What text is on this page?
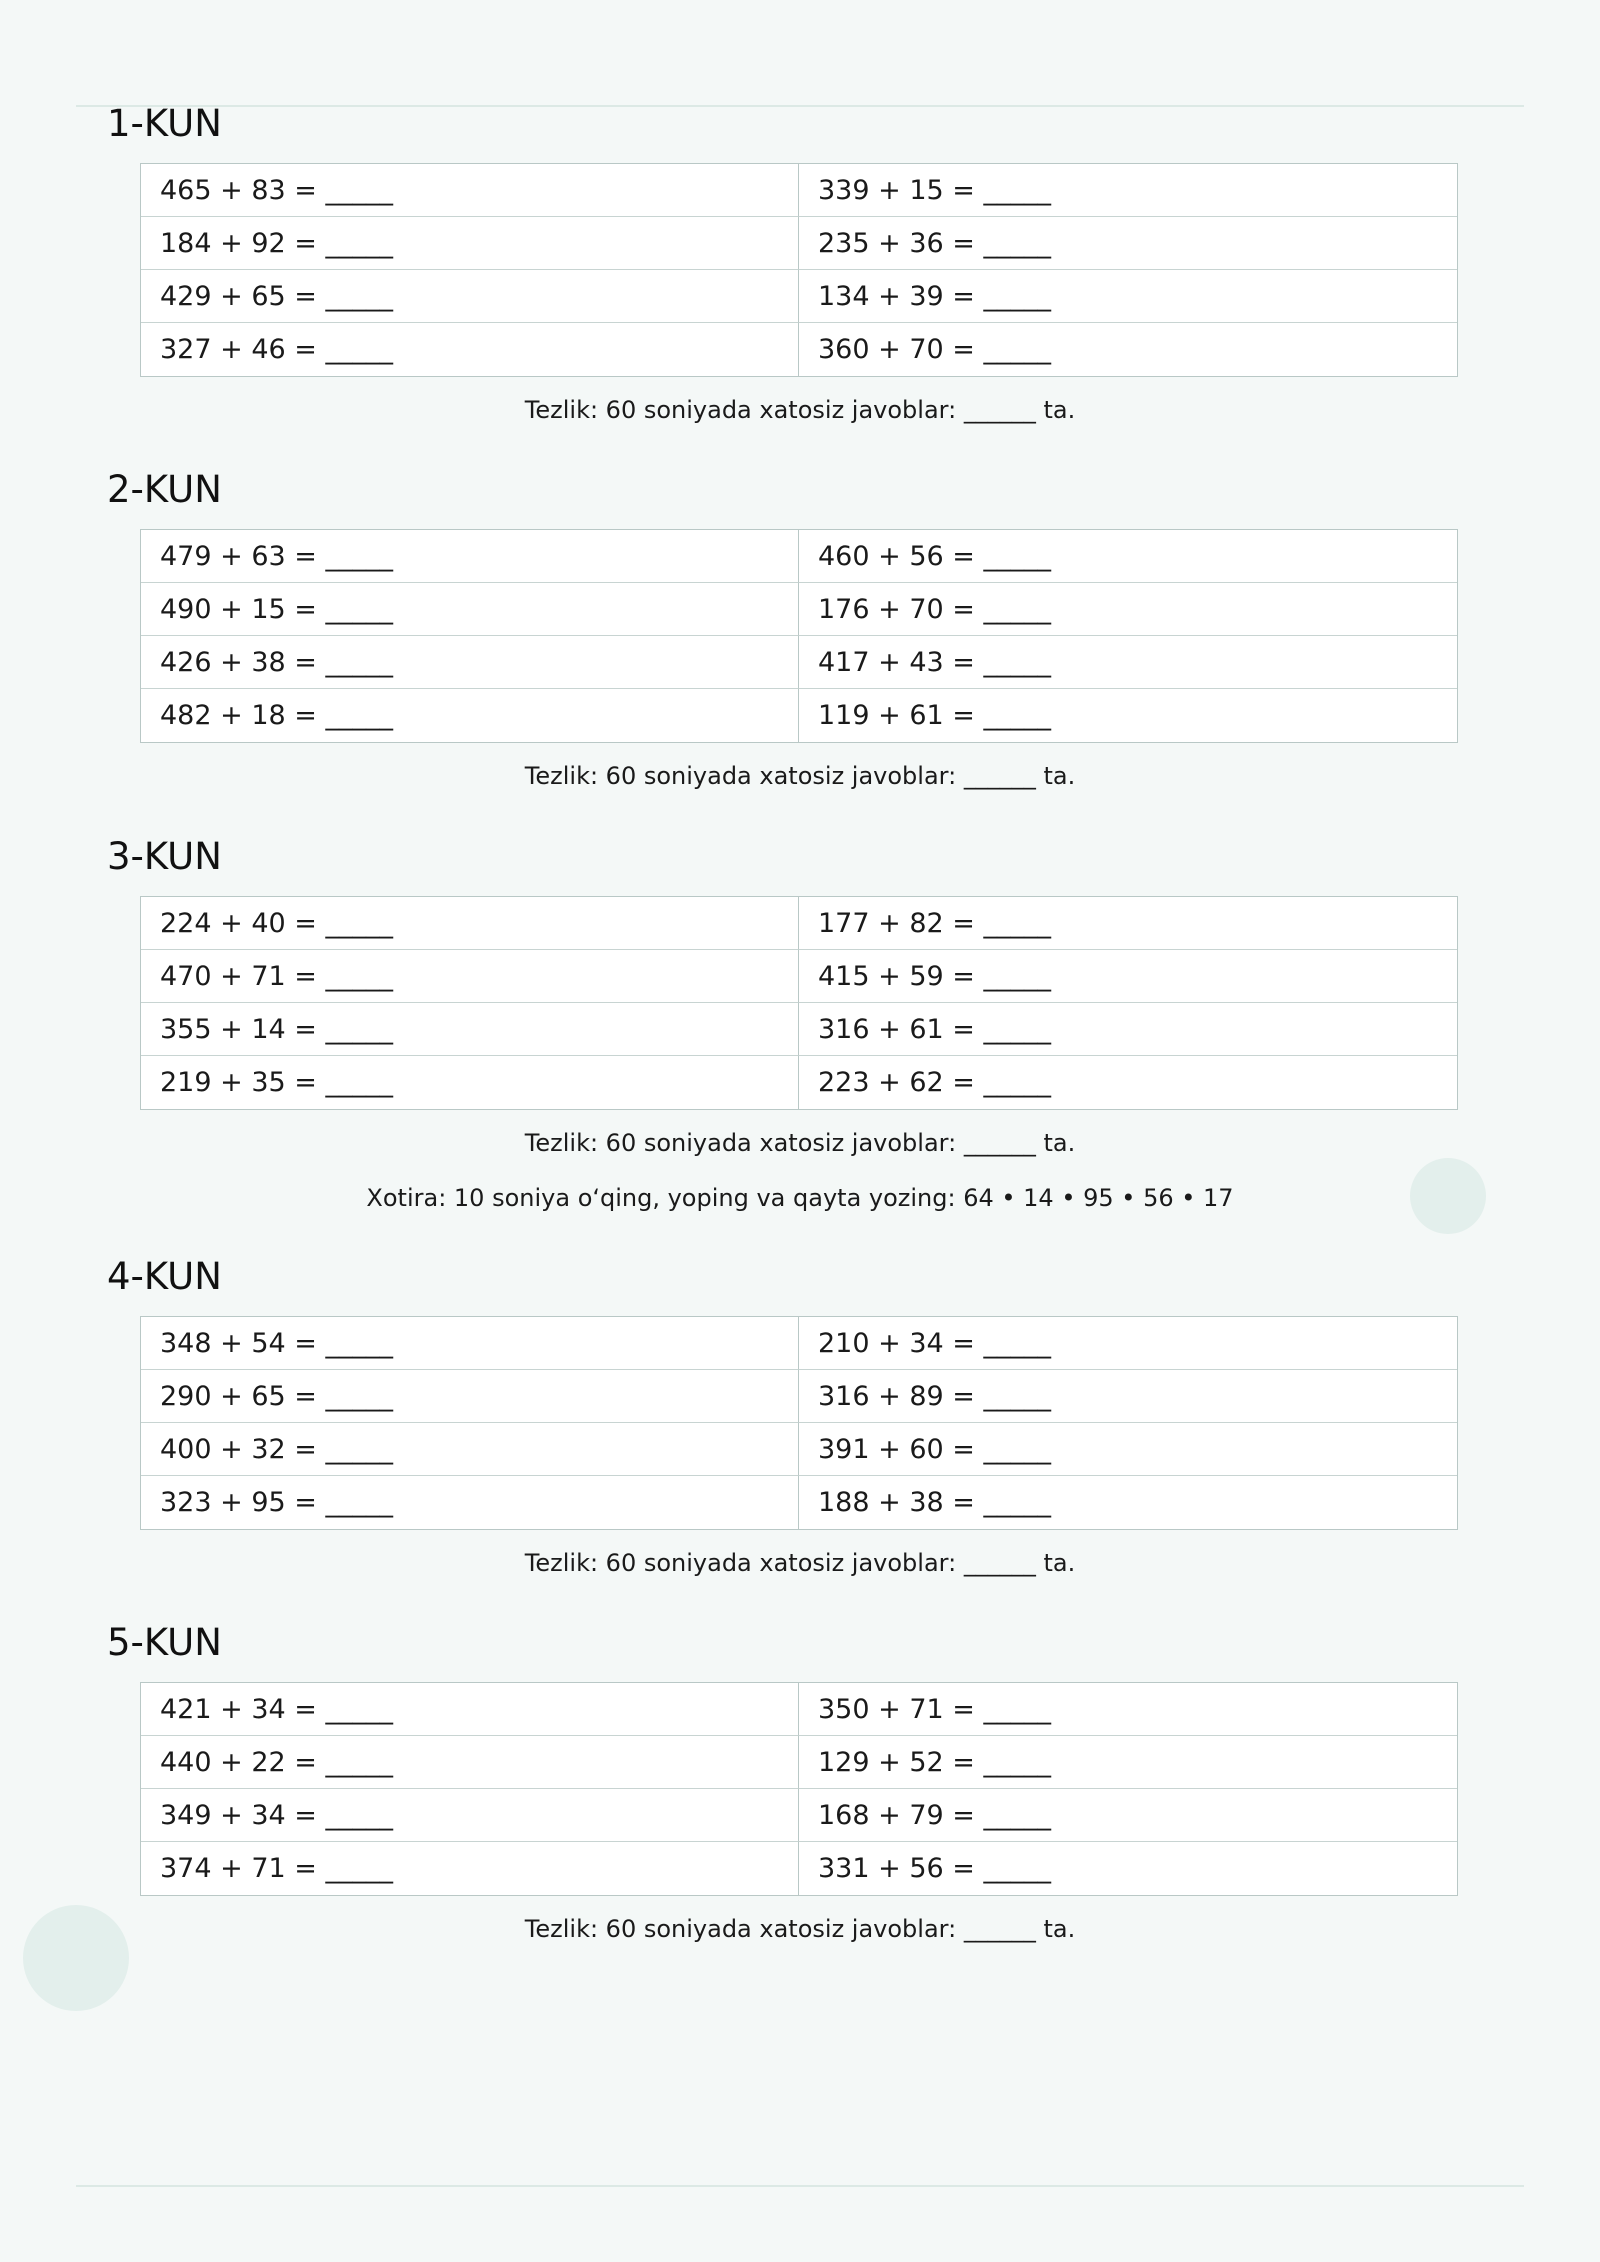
1-KUN
465 + 83 = _____	339 + 15 = _____
184 + 92 = _____	235 + 36 = _____
429 + 65 = _____	134 + 39 = _____
327 + 46 = _____	360 + 70 = _____
Tezlik: 60 soniyada xatosiz javoblar: ______ ta.
2-KUN
479 + 63 = _____	460 + 56 = _____
490 + 15 = _____	176 + 70 = _____
426 + 38 = _____	417 + 43 = _____
482 + 18 = _____	119 + 61 = _____
Tezlik: 60 soniyada xatosiz javoblar: ______ ta.
3-KUN
224 + 40 = _____	177 + 82 = _____
470 + 71 = _____	415 + 59 = _____
355 + 14 = _____	316 + 61 = _____
219 + 35 = _____	223 + 62 = _____
Tezlik: 60 soniyada xatosiz javoblar: ______ ta.
Xotira: 10 soniya o‘qing, yoping va qayta yozing: 64 • 14 • 95 • 56 • 17
4-KUN
348 + 54 = _____	210 + 34 = _____
290 + 65 = _____	316 + 89 = _____
400 + 32 = _____	391 + 60 = _____
323 + 95 = _____	188 + 38 = _____
Tezlik: 60 soniyada xatosiz javoblar: ______ ta.
5-KUN
421 + 34 = _____	350 + 71 = _____
440 + 22 = _____	129 + 52 = _____
349 + 34 = _____	168 + 79 = _____
374 + 71 = _____	331 + 56 = _____
Tezlik: 60 soniyada xatosiz javoblar: ______ ta.
